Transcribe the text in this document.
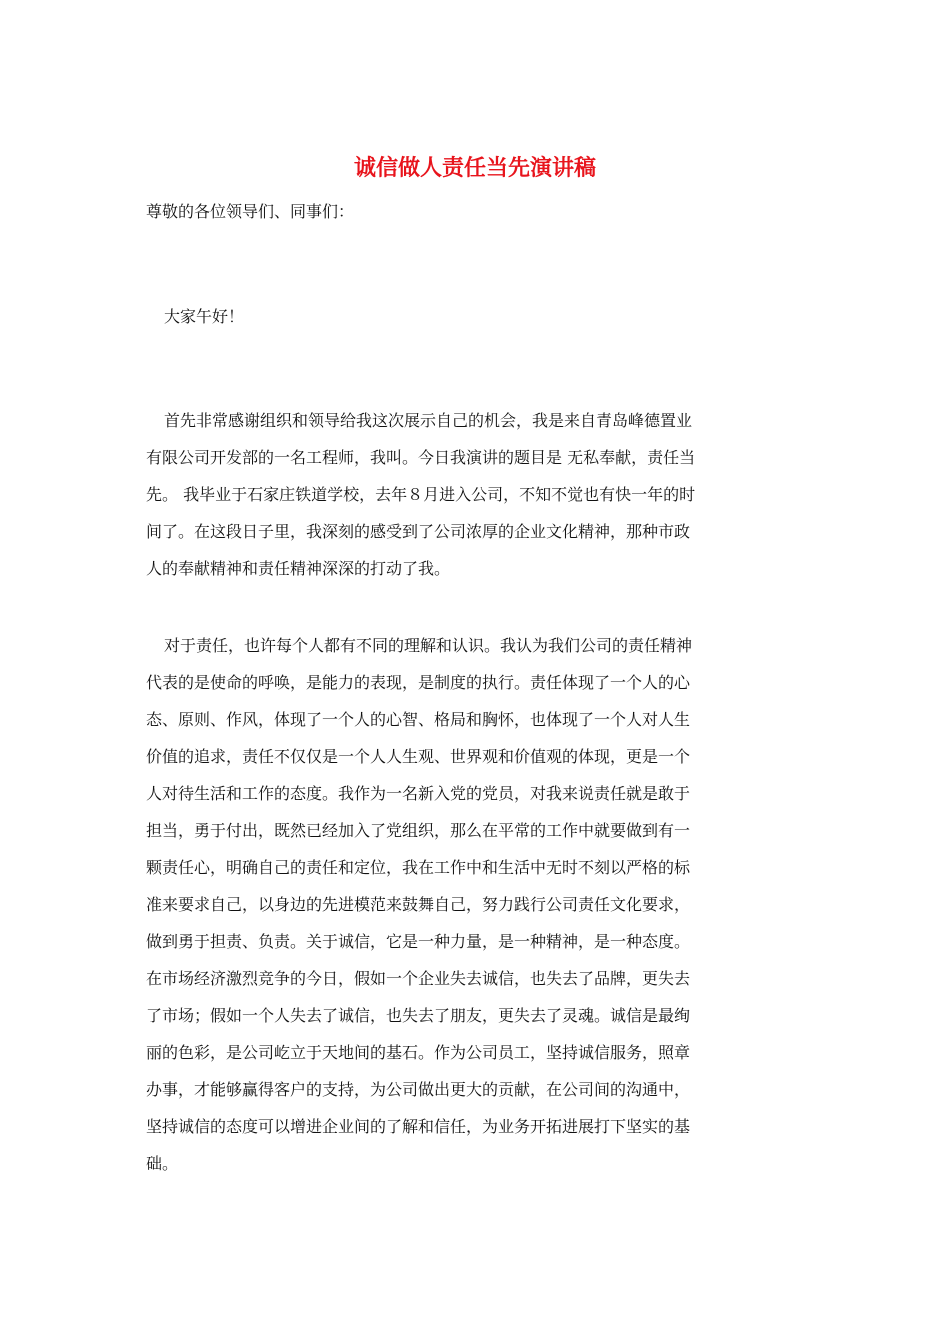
诚信做人责任当先演讲稿
尊敬的各位领导们、同事们：

大家午好！

首先非常感谢组织和领导给我这次展示自己的机会，我是来自青岛峰德置业
有限公司开发部的一名工程师，我叫。今日我演讲的题目是 无私奉献，责任当
先。 我毕业于石家庄铁道学校，去年８月进入公司，不知不觉也有快一年的时
间了。在这段日子里，我深刻的感受到了公司浓厚的企业文化精神，那种市政
人的奉献精神和责任精神深深的打动了我。

对于责任，也许每个人都有不同的理解和认识。我认为我们公司的责任精神
代表的是使命的呼唤，是能力的表现，是制度的执行。责任体现了一个人的心
态、原则、作风，体现了一个人的心智、格局和胸怀，也体现了一个人对人生
价值的追求，责任不仅仅是一个人人生观、世界观和价值观的体现，更是一个
人对待生活和工作的态度。我作为一名新入党的党员，对我来说责任就是敢于
担当，勇于付出，既然已经加入了党组织，那么在平常的工作中就要做到有一
颗责任心，明确自己的责任和定位，我在工作中和生活中无时不刻以严格的标
准来要求自己，以身边的先进模范来鼓舞自己，努力践行公司责任文化要求，
做到勇于担责、负责。关于诚信，它是一种力量，是一种精神，是一种态度。
在市场经济激烈竞争的今日，假如一个企业失去诚信，也失去了品牌，更失去
了市场；假如一个人失去了诚信，也失去了朋友，更失去了灵魂。诚信是最绚
丽的色彩，是公司屹立于天地间的基石。作为公司员工，坚持诚信服务，照章
办事，才能够赢得客户的支持，为公司做出更大的贡献，在公司间的沟通中，
坚持诚信的态度可以增进企业间的了解和信任，为业务开拓进展打下坚实的基
础。
